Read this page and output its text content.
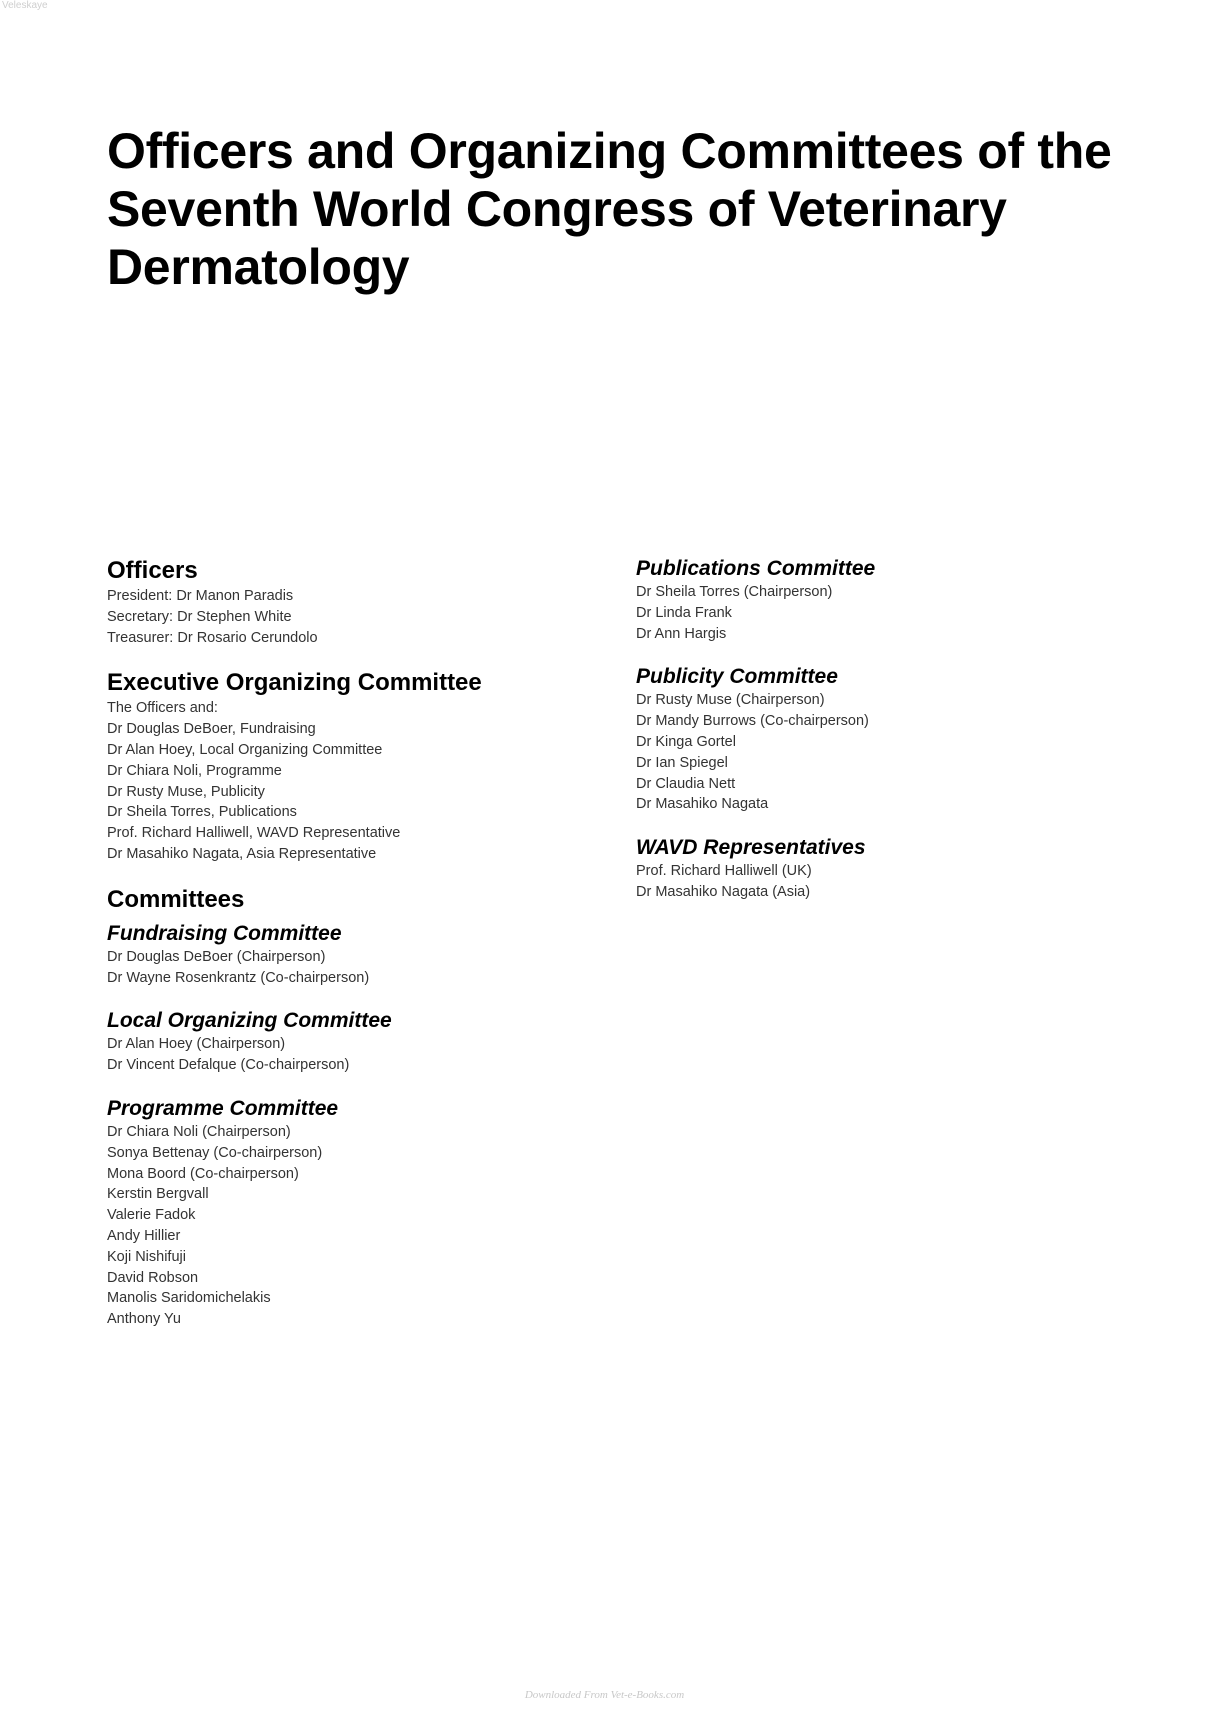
Veleskaye
Officers and Organizing Committees of the Seventh World Congress of Veterinary Dermatology
Officers
President: Dr Manon Paradis
Secretary: Dr Stephen White
Treasurer: Dr Rosario Cerundolo
Executive Organizing Committee
The Officers and:
Dr Douglas DeBoer, Fundraising
Dr Alan Hoey, Local Organizing Committee
Dr Chiara Noli, Programme
Dr Rusty Muse, Publicity
Dr Sheila Torres, Publications
Prof. Richard Halliwell, WAVD Representative
Dr Masahiko Nagata, Asia Representative
Committees
Fundraising Committee
Dr Douglas DeBoer (Chairperson)
Dr Wayne Rosenkrantz (Co-chairperson)
Local Organizing Committee
Dr Alan Hoey (Chairperson)
Dr Vincent Defalque (Co-chairperson)
Programme Committee
Dr Chiara Noli (Chairperson)
Sonya Bettenay (Co-chairperson)
Mona Boord (Co-chairperson)
Kerstin Bergvall
Valerie Fadok
Andy Hillier
Koji Nishifuji
David Robson
Manolis Saridomichelakis
Anthony Yu
Publications Committee
Dr Sheila Torres (Chairperson)
Dr Linda Frank
Dr Ann Hargis
Publicity Committee
Dr Rusty Muse (Chairperson)
Dr Mandy Burrows (Co-chairperson)
Dr Kinga Gortel
Dr Ian Spiegel
Dr Claudia Nett
Dr Masahiko Nagata
WAVD Representatives
Prof. Richard Halliwell (UK)
Dr Masahiko Nagata (Asia)
Downloaded From Vet-e-Books.com
